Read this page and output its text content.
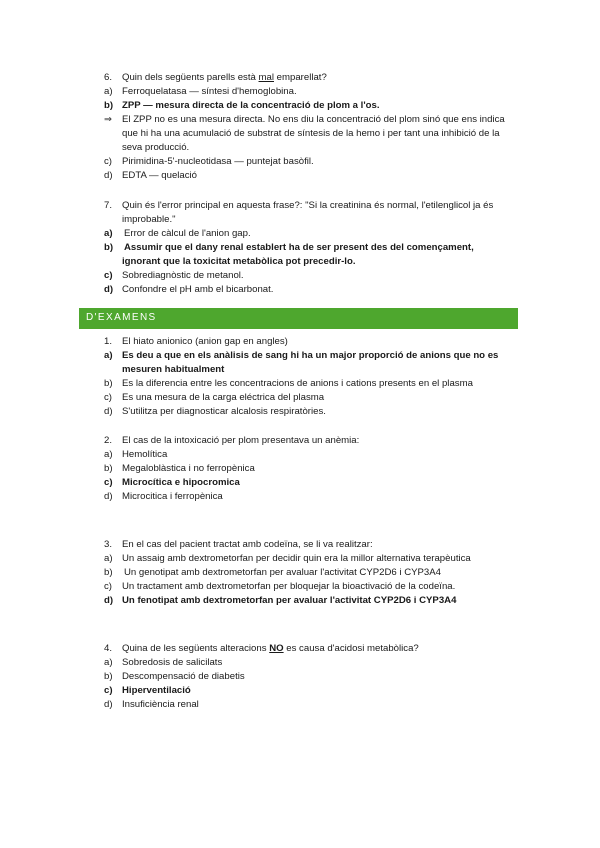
6. Quin dels següents parells està mal emparellat?
a) Ferroquelatasa — síntesi d'hemoglobina.
b) ZPP — mesura directa de la concentració de plom a l'os.
⇒ El ZPP no es una mesura directa. No ens diu la concentració del plom sinó que ens indica
que hi ha una acumulació de substrat de síntesis de la hemo i per tant una inhibició de la
seva producció.
c) Pirimidina-5'-nucleotidasa — puntejat basòfil.
d) EDTA — quelació
7. Quin és l'error principal en aquesta frase?: "Si la creatinina és normal, l'etilenglicol ja és
improbable."
a) Error de càlcul de l'anion gap.
b) Assumir que el dany renal establert ha de ser present des del començament,
ignorant que la toxicitat metabòlica pot precedir-lo.
c) Sobrediagnòstic de metanol.
d) Confondre el pH amb el bicarbonat.
D'EXAMENS
1. El hiato anionico (anion gap en angles)
a) Es deu a que en els anàlisis de sang hi ha un major proporció de anions que no es
mesuren habitualment
b) Es la diferencia entre les concentracions de anions i cations presents en el plasma
c) Es una mesura de la carga eléctrica del plasma
d) S'utilitza per diagnosticar alcalosis respiratòries.
2. El cas de la intoxicació per plom presentava un anèmia:
a) Hemolítica
b) Megaloblàstica i no ferropènica
c) Microcítica e hipocromica
d) Microcitica i ferropènica
3. En el cas del pacient tractat amb codeïna, se li va realitzar:
a) Un assaig amb dextrometorfan per decidir quin era la millor alternativa terapèutica
b) Un genotipat amb dextrometorfan per avaluar l'activitat CYP2D6 i CYP3A4
c) Un tractament amb dextrometorfan per bloquejar la bioactivació de la codeïna.
d) Un fenotipat amb dextrometorfan per avaluar l'activitat CYP2D6 i CYP3A4
4. Quina de les següents alteracions NO es causa d'acidosi metabòlica?
a) Sobredosis de salicilats
b) Descompensació de diabetis
c) Hiperventilació
d) Insuficiència renal
